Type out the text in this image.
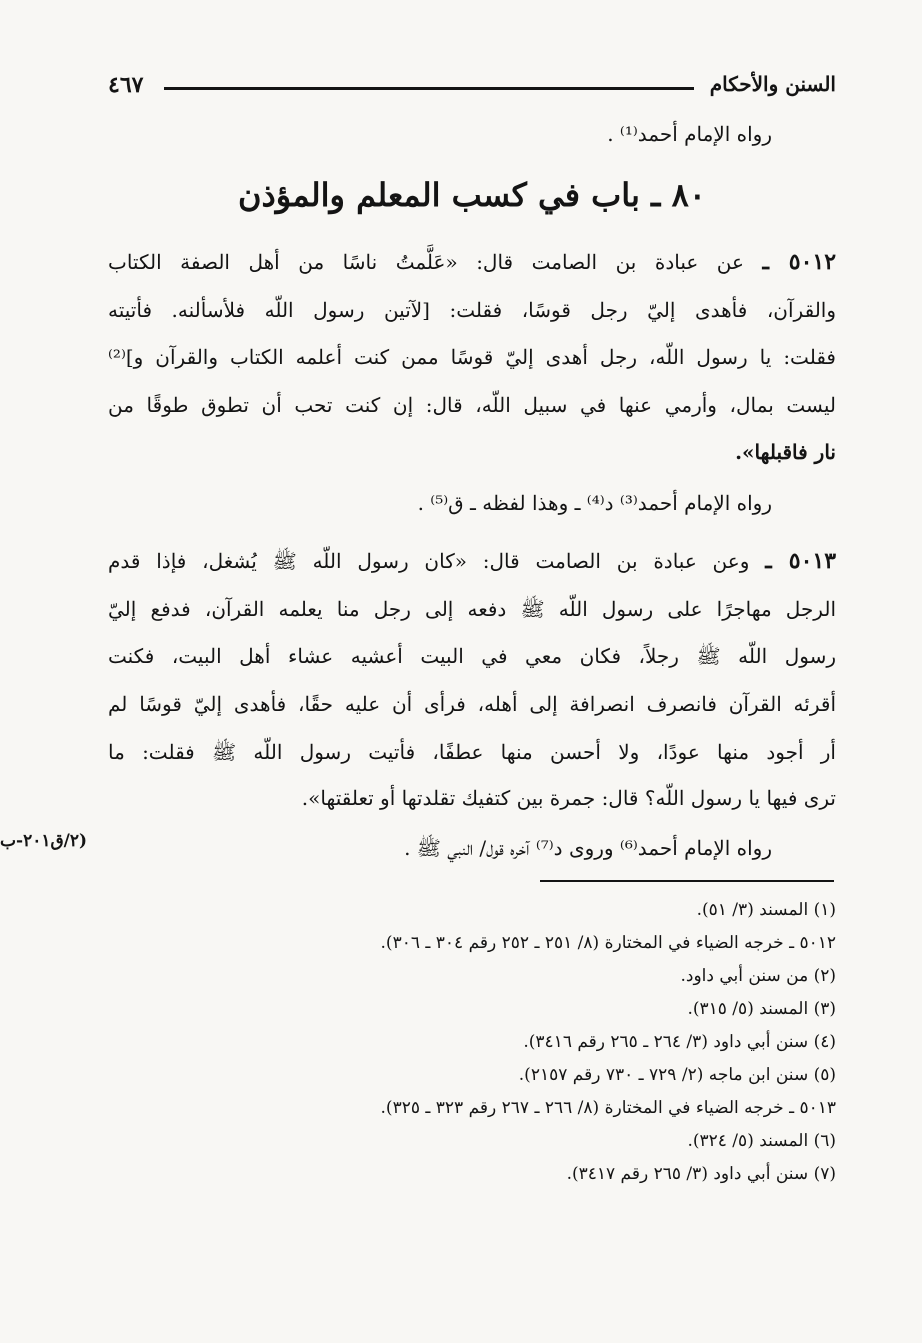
٤٦٧	السنن والأحكام
رواه الإمام أحمد⁽¹⁾ .
٨٠ ـ باب في كسب المعلم والمؤذن
٥٠١٢ ـ عن عبادة بن الصامت قال: «عَلَّمتُ ناسًا من أهل الصفة الكتاب
والقرآن، فأهدى إليّ رجل قوسًا، فقلت: [لآتين رسول اللّه فلأسألنه. فأتيته
فقلت: يا رسول اللّه، رجل أهدى إليّ قوسًا ممن كنت أعلمه الكتاب والقرآن و]⁽²⁾
ليست بمال، وأرمي عنها في سبيل اللّه، قال: إن كنت تحب أن تطوق طوقًا من
نار فاقبلها».
رواه الإمام أحمد⁽³⁾ د⁽⁴⁾ ـ وهذا لفظه ـ ق⁽⁵⁾ .
٥٠١٣ ـ وعن عبادة بن الصامت قال: «كان رسول اللّه ﷺ يُشغل، فإذا قدم
الرجل مهاجرًا على رسول اللّه ﷺ دفعه إلى رجل منا يعلمه القرآن، فدفع إليّ
رسول اللّه ﷺ رجلاً، فكان معي في البيت أعشيه عشاء أهل البيت، فكنت
أقرئه القرآن فانصرف انصرافة إلى أهله، فرأى أن عليه حقًا، فأهدى إليّ قوسًا لم
أر أجود منها عودًا، ولا أحسن منها عطفًا، فأتيت رسول اللّه ﷺ فقلت: ما
ترى فيها يا رسول اللّه؟ قال: جمرة بين كتفيك تقلدتها أو تعلقتها».
رواه الإمام أحمد⁽⁶⁾ وروى د⁽⁷⁾ آخره قول/ النبي ﷺ .
(٢/ق٢٠١-ب
(١) المسند (٣/ ٥١).
٥٠١٢ ـ خرجه الضياء في المختارة (٨/ ٢٥١ ـ ٢٥٢ رقم ٣٠٤ ـ ٣٠٦).
(٢) من سنن أبي داود.
(٣) المسند (٥/ ٣١٥).
(٤) سنن أبي داود (٣/ ٢٦٤ ـ ٢٦٥ رقم ٣٤١٦).
(٥) سنن ابن ماجه (٢/ ٧٢٩ ـ ٧٣٠ رقم ٢١٥٧).
٥٠١٣ ـ خرجه الضياء في المختارة (٨/ ٢٦٦ ـ ٢٦٧ رقم ٣٢٣ ـ ٣٢٥).
(٦) المسند (٥/ ٣٢٤).
(٧) سنن أبي داود (٣/ ٢٦٥ رقم ٣٤١٧).
